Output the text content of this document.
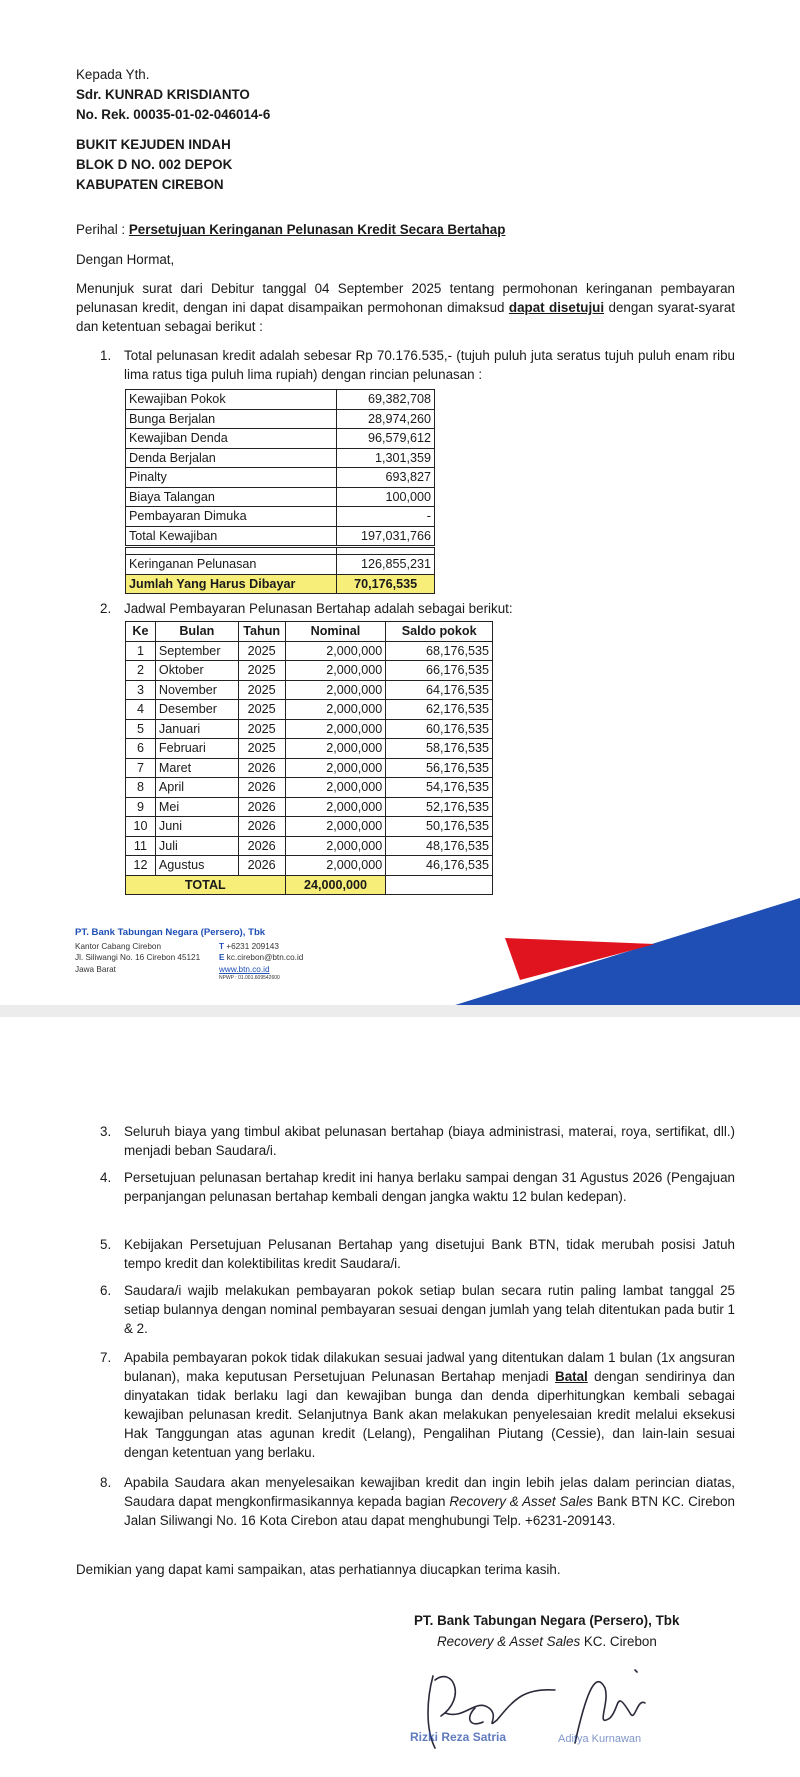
Kepada Yth.
Sdr. KUNRAD KRISDIANTO
No. Rek. 00035-01-02-046014-6
BUKIT KEJUDEN INDAH
BLOK D NO. 002 DEPOK
KABUPATEN CIREBON
Perihal : Persetujuan Keringanan Pelunasan Kredit Secara Bertahap
Dengan Hormat,
Menunjuk surat dari Debitur tanggal 04 September 2025 tentang permohonan keringanan pembayaran pelunasan kredit, dengan ini dapat disampaikan permohonan dimaksud dapat disetujui dengan syarat-syarat dan ketentuan sebagai berikut :
1. Total pelunasan kredit adalah sebesar Rp 70.176.535,- (tujuh puluh juta seratus tujuh puluh enam ribu lima ratus tiga puluh lima rupiah) dengan rincian pelunasan :
Kewajiban Pokok	69,382,708
Bunga Berjalan	28,974,260
Kewajiban Denda	96,579,612
Denda Berjalan	1,301,359
Pinalty	693,827
Biaya Talangan	100,000
Pembayaran Dimuka	-
Total Kewajiban	197,031,766

Keringanan Pelunasan	126,855,231
Jumlah Yang Harus Dibayar	70,176,535
2. Jadwal Pembayaran Pelunasan Bertahap adalah sebagai berikut:
Ke	Bulan	Tahun	Nominal	Saldo pokok
1	September	2025	2,000,000	68,176,535
2	Oktober	2025	2,000,000	66,176,535
3	November	2025	2,000,000	64,176,535
4	Desember	2025	2,000,000	62,176,535
5	Januari	2025	2,000,000	60,176,535
6	Februari	2025	2,000,000	58,176,535
7	Maret	2026	2,000,000	56,176,535
8	April	2026	2,000,000	54,176,535
9	Mei	2026	2,000,000	52,176,535
10	Juni	2026	2,000,000	50,176,535
11	Juli	2026	2,000,000	48,176,535
12	Agustus	2026	2,000,000	46,176,535
TOTAL			24,000,000	
PT. Bank Tabungan Negara (Persero), Tbk
Kantor Cabang Cirebon
Jl. Siliwangi No. 16 Cirebon 45121
Jawa Barat
T +6231 209143
E kc.cirebon@btn.co.id
www.btn.co.id
NPWP : 01.001.609542600
3. Seluruh biaya yang timbul akibat pelunasan bertahap (biaya administrasi, materai, roya, sertifikat, dll.) menjadi beban Saudara/i.
4. Persetujuan pelunasan bertahap kredit ini hanya berlaku sampai dengan 31 Agustus 2026 (Pengajuan perpanjangan pelunasan bertahap kembali dengan jangka waktu 12 bulan kedepan).
5. Kebijakan Persetujuan Pelusanan Bertahap yang disetujui Bank BTN, tidak merubah posisi Jatuh tempo kredit dan kolektibilitas kredit Saudara/i.
6. Saudara/i wajib melakukan pembayaran pokok setiap bulan secara rutin paling lambat tanggal 25 setiap bulannya dengan nominal pembayaran sesuai dengan jumlah yang telah ditentukan pada butir 1 & 2.
7. Apabila pembayaran pokok tidak dilakukan sesuai jadwal yang ditentukan dalam 1 bulan (1x angsuran bulanan), maka keputusan Persetujuan Pelunasan Bertahap menjadi Batal dengan sendirinya dan dinyatakan tidak berlaku lagi dan kewajiban bunga dan denda diperhitungkan kembali sebagai kewajiban pelunasan kredit. Selanjutnya Bank akan melakukan penyelesaian kredit melalui eksekusi Hak Tanggungan atas agunan kredit (Lelang), Pengalihan Piutang (Cessie), dan lain-lain sesuai dengan ketentuan yang berlaku.
8. Apabila Saudara akan menyelesaikan kewajiban kredit dan ingin lebih jelas dalam perincian diatas, Saudara dapat mengkonfirmasikannya kepada bagian Recovery & Asset Sales Bank BTN KC. Cirebon Jalan Siliwangi No. 16 Kota Cirebon atau dapat menghubungi Telp. +6231-209143.
Demikian yang dapat kami sampaikan, atas perhatiannya diucapkan terima kasih.
PT. Bank Tabungan Negara (Persero), Tbk
Recovery & Asset Sales KC. Cirebon
Rizki Reza Satria	Aditya Kurnawan
